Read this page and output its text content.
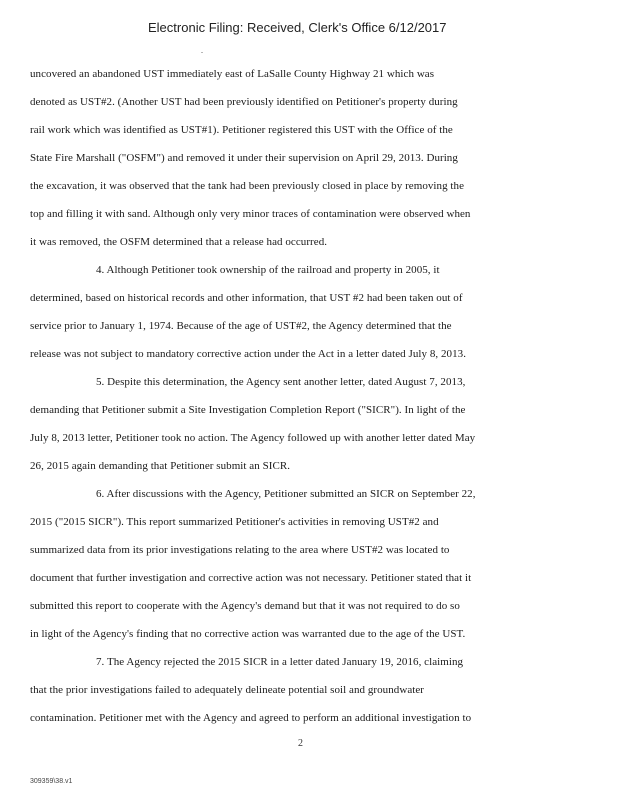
Electronic Filing: Received, Clerk's Office 6/12/2017
.
uncovered an abandoned UST immediately east of LaSalle County Highway 21 which was
denoted as UST#2. (Another UST had been previously identified on Petitioner's property during
rail work which was identified as UST#1). Petitioner registered this UST with the Office of the
State Fire Marshall ("OSFM") and removed it under their supervision on April 29, 2013. During
the excavation, it was observed that the tank had been previously closed in place by removing the
top and filling it with sand. Although only very minor traces of contamination were observed when
it was removed, the OSFM determined that a release had occurred.
4. Although Petitioner took ownership of the railroad and property in 2005, it
determined, based on historical records and other information, that UST #2 had been taken out of
service prior to January 1, 1974. Because of the age of UST#2, the Agency determined that the
release was not subject to mandatory corrective action under the Act in a letter dated July 8, 2013.
5. Despite this determination, the Agency sent another letter, dated August 7, 2013,
demanding that Petitioner submit a Site Investigation Completion Report ("SICR"). In light of the
July 8, 2013 letter, Petitioner took no action. The Agency followed up with another letter dated May
26, 2015 again demanding that Petitioner submit an SICR.
6. After discussions with the Agency, Petitioner submitted an SICR on September 22,
2015 ("2015 SICR"). This report summarized Petitioner's activities in removing UST#2 and
summarized data from its prior investigations relating to the area where UST#2 was located to
document that further investigation and corrective action was not necessary. Petitioner stated that it
submitted this report to cooperate with the Agency's demand but that it was not required to do so
in light of the Agency's finding that no corrective action was warranted due to the age of the UST.
7. The Agency rejected the 2015 SICR in a letter dated January 19, 2016, claiming
that the prior investigations failed to adequately delineate potential soil and groundwater
contamination. Petitioner met with the Agency and agreed to perform an additional investigation to
2
309359\38.v1
